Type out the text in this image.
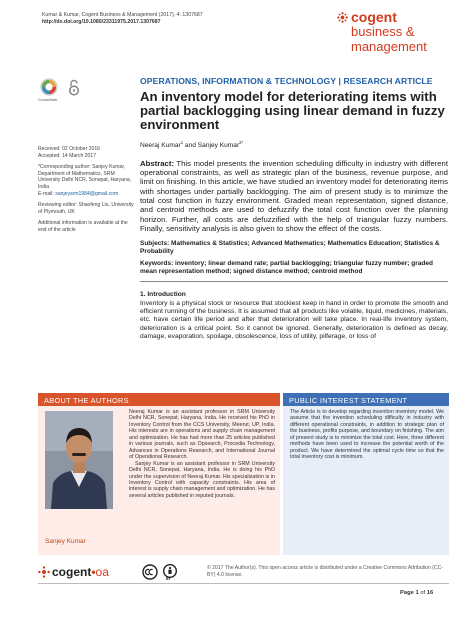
Kumar & Kumar, Cogent Business & Management (2017), 4: 1307687
http://dx.doi.org/10.1080/23311975.2017.1307687	cogent
business &
management
CrossMark

Received: 02 October 2016
Accepted: 14 March 2017

*Corresponding author: Sanjey Kumar, Department of Mathematics, SRM University Delhi NCR, Sonepat, Haryana, India
E-mail: sanjeysrm1984@gmail.com

Reviewing editor: Shaofeng Liu, University of Plymouth, UK

Additional information is available at the end of the article

OPERATIONS, INFORMATION & TECHNOLOGY | RESEARCH ARTICLE
An inventory model for deteriorating items with partial backlogging using linear demand in fuzzy environment
Neeraj Kumar$^1$ and Sanjey Kumar$^{2*}$

Abstract: This model presents the invention scheduling difficulty in industry with different operational constraints, as well as strategic plan of the business, revenue purpose, and limit on finishing. In this article, we have studied an inventory model for deteriorating items with shortages under partially backlogging. The aim of present study is to minimize the total cost function in fuzzy environment. Graded mean representation, signed distance, and centroid methods are used to defuzzify the total cost function over the planning horizon. Further, all costs are defuzzified with the help of triangular fuzzy numbers. Finally, sensitivity analysis is also given to show the effect of the costs.

Subjects: Mathematics & Statistics; Advanced Mathematics; Mathematics Education; Statistics & Probability

Keywords: inventory; linear demand rate; partial backlogging; triangular fuzzy number; graded mean representation method; signed distance method; centroid method

1. Introduction

Inventory is a physical stock or resource that stockiest keep in hand in order to promote the smooth and efficient running of the business. It is assumed that all products like volatile, liquid, medicines, materials, etc. have certain life period and after that deterioration will take place. In real-life inventory system, deterioration is a critical point. So it cannot be ignored. Generally, deterioration is defined as decay, damage, evaporation, spoilage, obsolescence, loss of utility, pilferage, or loss of

ABOUT THE AUTHORS
Sanjey Kumar

Neeraj Kumar is an assistant professor in SRM University Delhi NCR, Sonepat, Haryana, India. He received his PhD in Inventory Control from the CCS University, Meerut, UP, India. His interests are in operations and supply chain management and optimization. He has had more than 25 articles published in various journals, such as Opsearch, Procedia Technology, Advances in Operations Research, and International Journal of Operational Research.

Sanjey Kumar is an assistant professor in SRM University Delhi NCR, Sonepat, Haryana, India. He is doing his PhD under the supervision of Neeraj Kumar. His specialization is in Inventory Control with capacity constraints. His area of interest is supply chain management and optimization. He has several articles published in reputed journals.

PUBLIC INTEREST STATEMENT

The Article is to develop regarding invention inventory model. We assume that the invention scheduling difficulty in industry with different operational constraints, in addition to strategic plan of the business, profits purpose, and boundary on finishing. The aim of present study is to minimize the total cost. Here, three different methods have been used to increase the potential worth of the product. We have determined the optimal cycle time so that the total inventory cost is minimum.

cogent • oa	BY

© 2017 The Author(s). This open access article is distributed under a Creative Commons Attribution (CC-BY) 4.0 license.

Page 1 of 16
